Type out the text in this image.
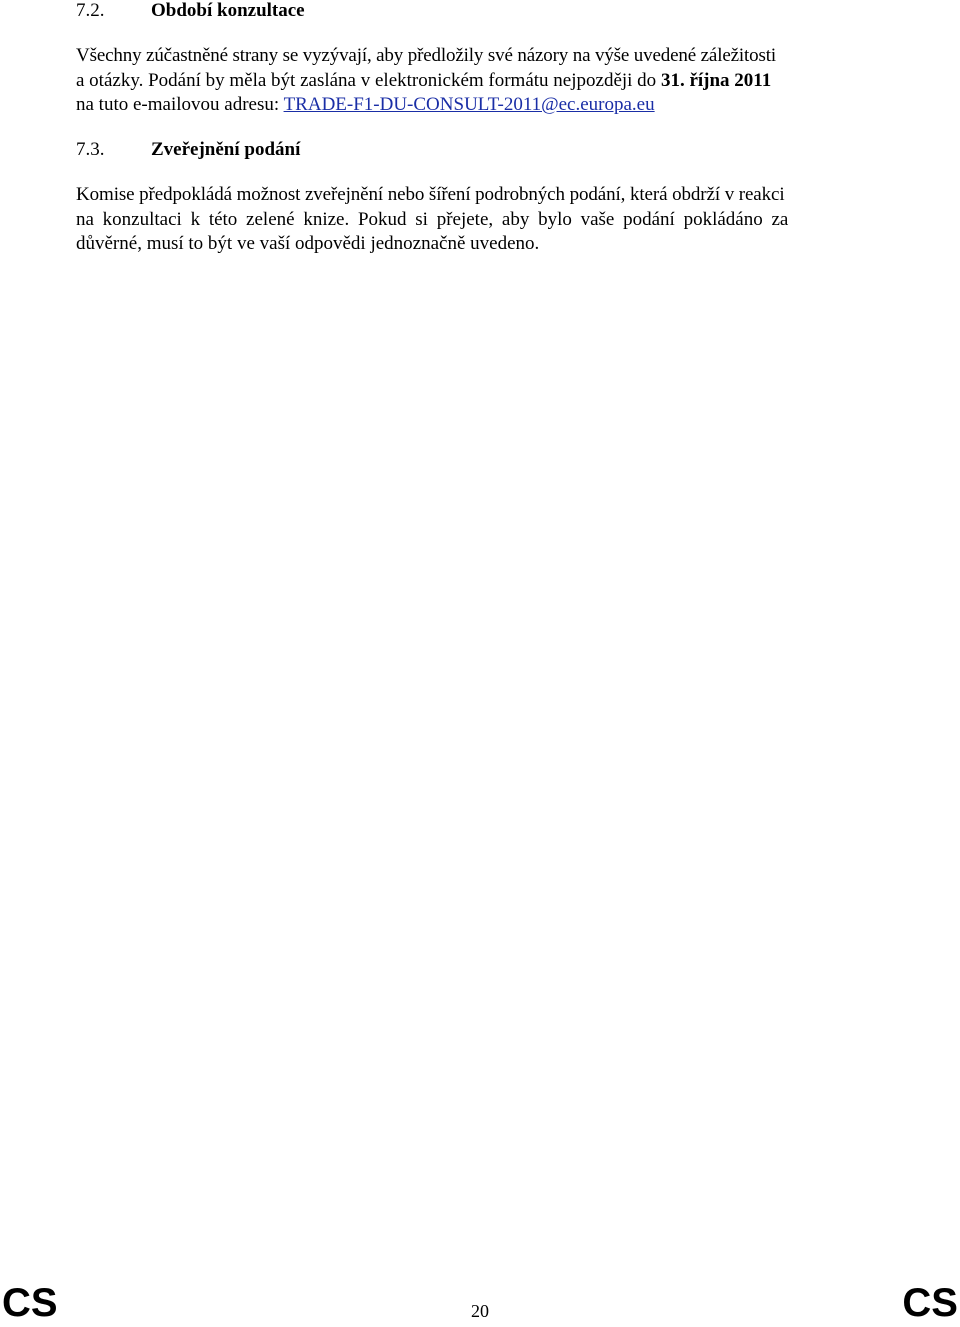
7.2. Období konzultace
Všechny zúčastněné strany se vyzývají, aby předložily své názory na výše uvedené záležitosti
a otázky. Podání by měla být zaslána v elektronickém formátu nejpozději do 31. října 2011
na tuto e-mailovou adresu: TRADE-F1-DU-CONSULT-2011@ec.europa.eu
7.3. Zveřejnění podání
Komise předpokládá možnost zveřejnění nebo šíření podrobných podání, která obdrží v reakci
na konzultaci k této zelené knize. Pokud si přejete, aby bylo vaše podání pokládáno za
důvěrné, musí to být ve vaší odpovědi jednoznačně uvedeno.
CS	20	CS
